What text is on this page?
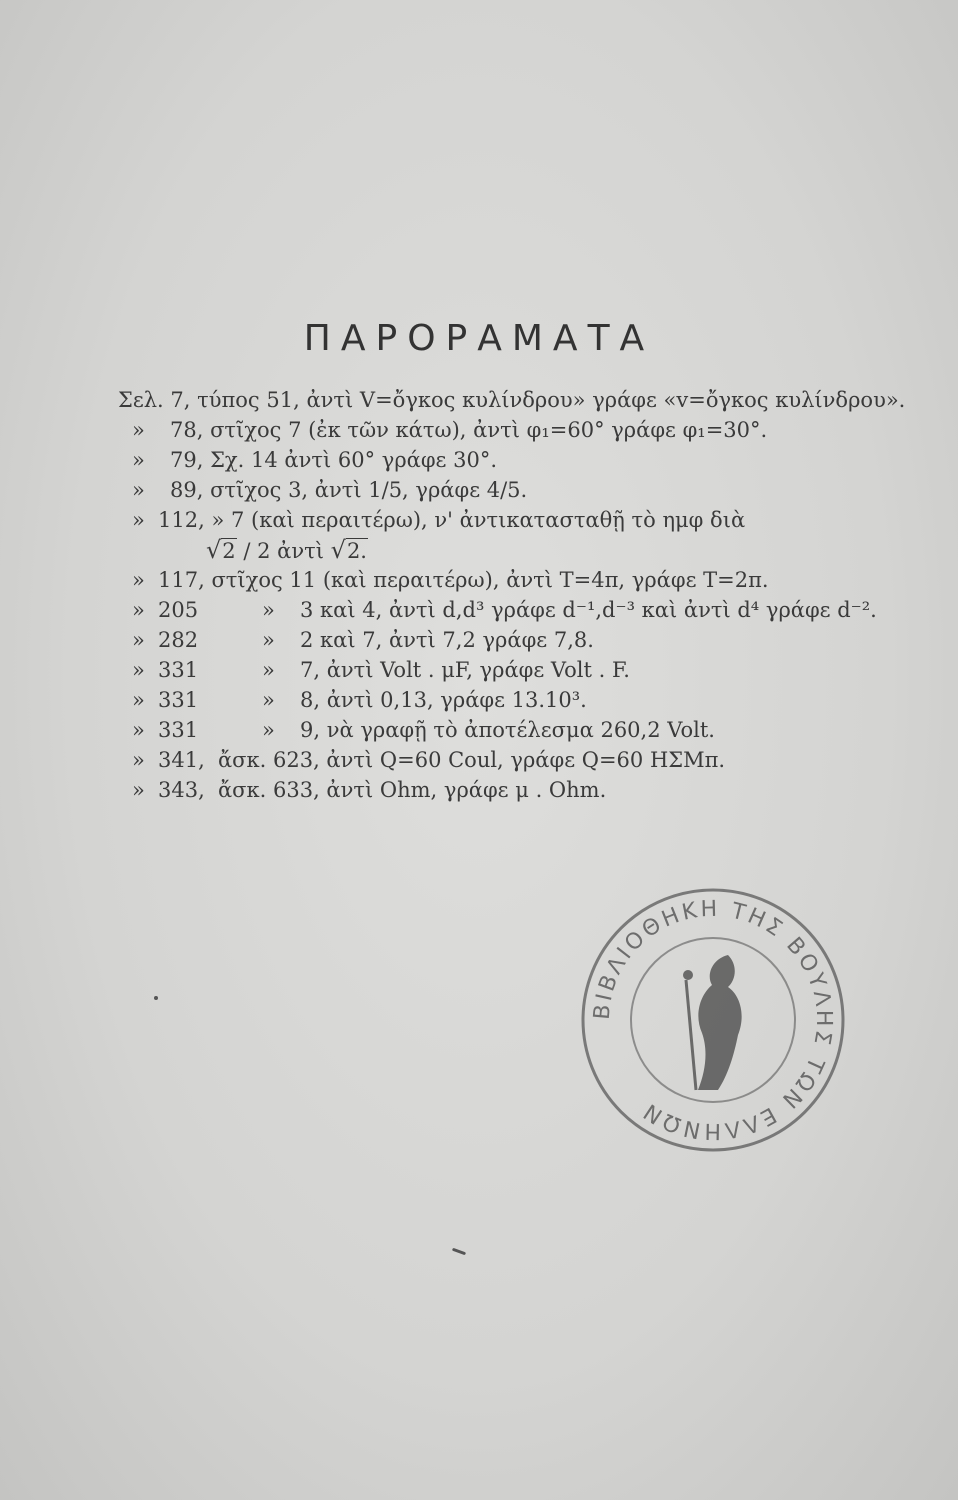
ΠΑΡΟΡΑΜΑΤΑ
Σελ. 7, τύπος 51, ἀντὶ V=ὄγκος κυλίνδρου» γράφε «v=ὄγκος κυλίνδρου».
» 78, στῖχος 7 (ἐκ τῶν κάτω), ἀντὶ φ₁=60° γράφε φ₁=30°.
» 79, Σχ. 14 ἀντὶ 60° γράφε 30°.
» 89, στῖχος 3, ἀντὶ 1/5, γράφε 4/5.
» 112, » 7 (καὶ περαιτέρω), ν' ἀντικατασταθῇ τὸ ημφ διὰ
√2 / 2 ἀντὶ √2.
» 117, στῖχος 11 (καὶ περαιτέρω), ἀντὶ T=4π, γράφε T=2π.
» 205	» 3 καὶ 4, ἀντὶ d,d³ γράφε d⁻¹,d⁻³ καὶ ἀντὶ d⁴ γράφε d⁻².
» 282	» 2 καὶ 7, ἀντὶ 7,2 γράφε 7,8.
» 331	» 7, ἀντὶ Volt . μF, γράφε Volt . F.
» 331	» 8, ἀντὶ 0,13, γράφε 13.10³.
» 331	» 9, νὰ γραφῇ τὸ ἀποτέλεσμα 260,2 Volt.
» 341, ἄσκ. 623, ἀντὶ Q=60 Coul, γράφε Q=60 ΗΣΜπ.
» 343, ἄσκ. 633, ἀντὶ Ohm, γράφε μ . Ohm.
ΒΙΒΛΙΟΘΗΚΗ ΤΗΣ ΒΟΥΛΗΣ ΤΩΝ ΕΛΛΗΝΩΝ
